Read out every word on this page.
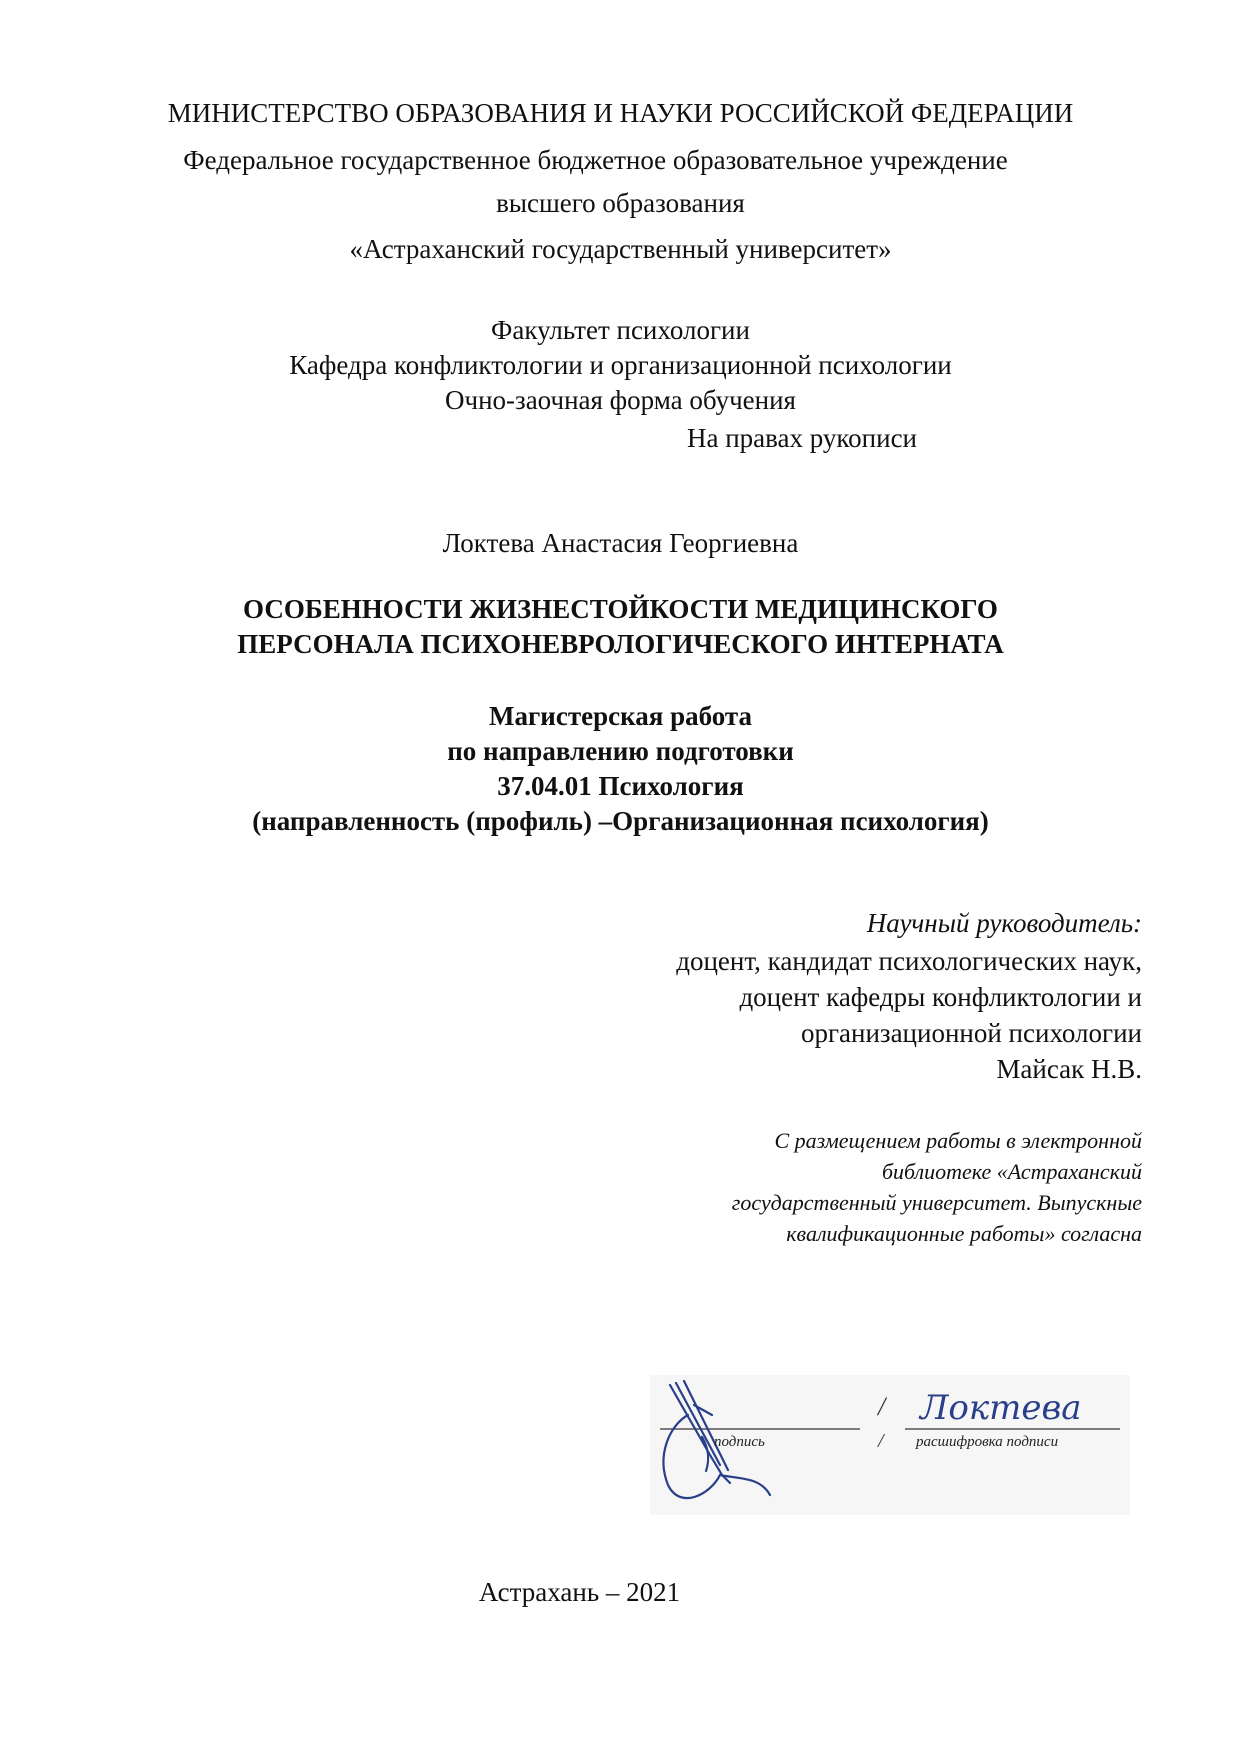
МИНИСТЕРСТВО ОБРАЗОВАНИЯ И НАУКИ РОССИЙСКОЙ ФЕДЕРАЦИИ
Федеральное государственное бюджетное образовательное учреждение
высшего образования
«Астраханский государственный университет»
Факультет психологии
Кафедра конфликтологии и организационной психологии
Очно-заочная форма обучения
На правах рукописи
Локтева Анастасия Георгиевна
ОСОБЕННОСТИ ЖИЗНЕСТОЙКОСТИ МЕДИЦИНСКОГО
ПЕРСОНАЛА ПСИХОНЕВРОЛОГИЧЕСКОГО ИНТЕРНАТА
Магистерская работа
по направлению подготовки
37.04.01 Психология
(направленность (профиль) –Организационная психология)
Научный руководитель:
доцент, кандидат психологических наук,
доцент кафедры конфликтологии и
организационной психологии
Майсак Н.В.
С размещением работы в электронной
библиотеке «Астраханский
государственный университет. Выпускные
квалификационные работы» согласна
/
/
Локтева
подпись	расшифровка подписи
Астрахань – 2021
